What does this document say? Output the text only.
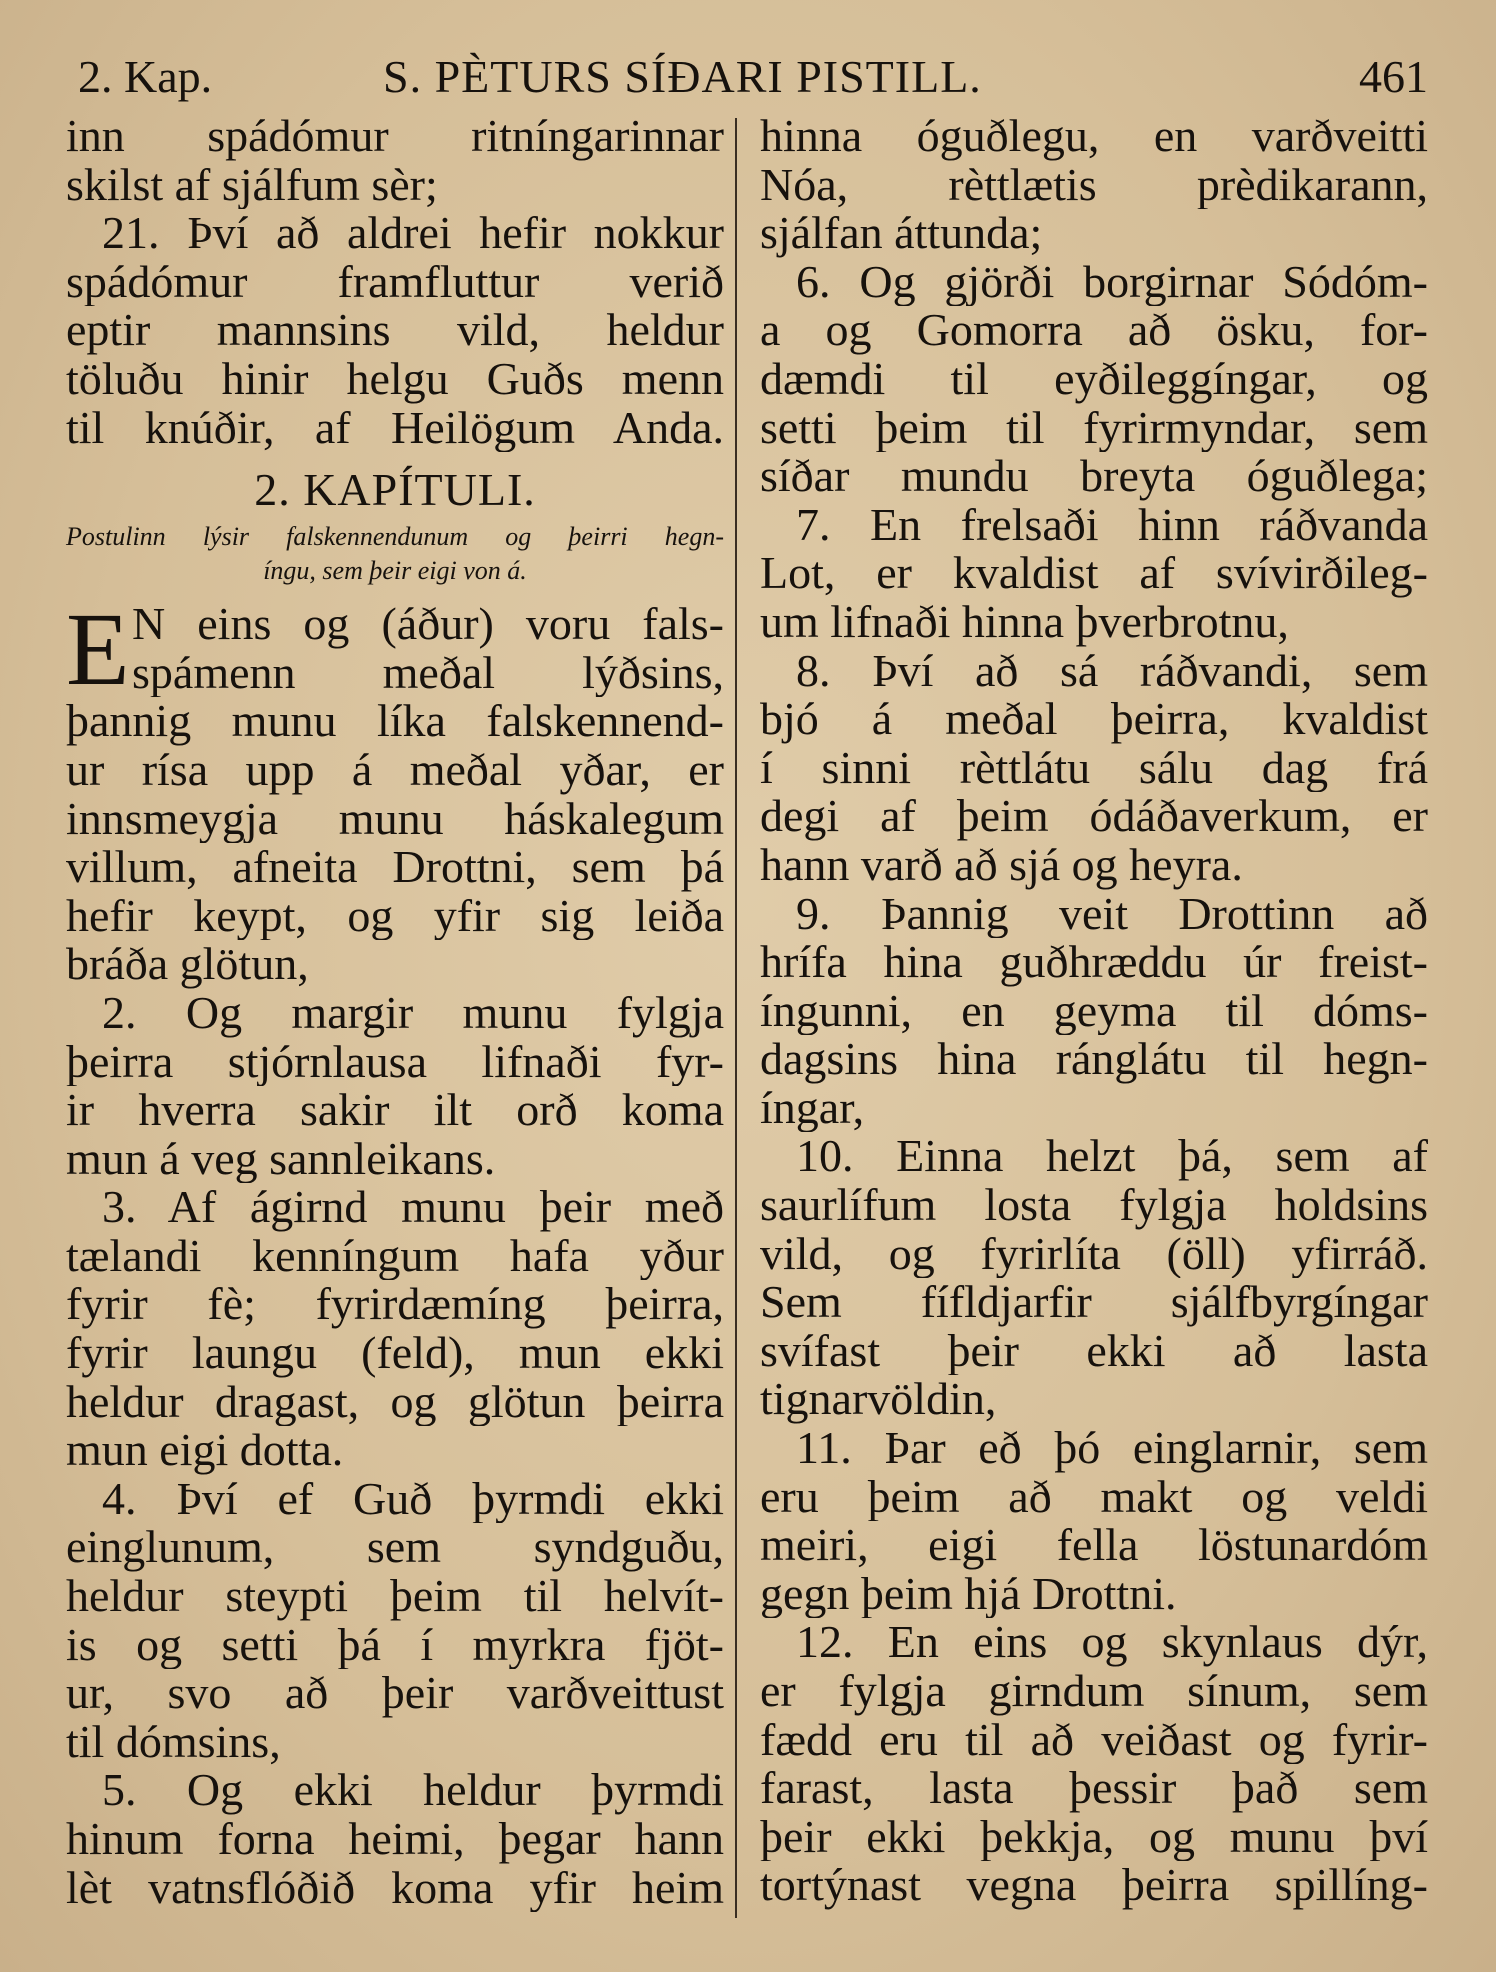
2. Kap.	S. PÈTURS SÍÐARI PISTILL.	461
inn spádómur ritníngarinnar
skilst af sjálfum sèr;
21. Því að aldrei hefir nokkur
spádómur framfluttur verið
eptir mannsins vild, heldur
töluðu hinir helgu Guðs menn
til knúðir, af Heilögum Anda.
2. KAPÍTULI.
Postulinn lýsir falskennendunum og þeirri hegn-
íngu, sem þeir eigi von á.
E N eins og (áður) voru fals-
spámenn meðal lýðsins,
þannig munu líka falskennend-
ur rísa upp á meðal yðar, er
innsmeygja munu háskalegum
villum, afneita Drottni, sem þá
hefir keypt, og yfir sig leiða
bráða glötun,
2. Og margir munu fylgja
þeirra stjórnlausa lifnaði fyr-
ir hverra sakir ilt orð koma
mun á veg sannleikans.
3. Af ágirnd munu þeir með
tælandi kenníngum hafa yður
fyrir fè; fyrirdæmíng þeirra,
fyrir laungu (feld), mun ekki
heldur dragast, og glötun þeirra
mun eigi dotta.
4. Því ef Guð þyrmdi ekki
einglunum, sem syndguðu,
heldur steypti þeim til helvít-
is og setti þá í myrkra fjöt-
ur, svo að þeir varðveittust
til dómsins,
5. Og ekki heldur þyrmdi
hinum forna heimi, þegar hann
lèt vatnsflóðið koma yfir heim
hinna óguðlegu, en varðveitti
Nóa, rèttlætis prèdikarann,
sjálfan áttunda;
6. Og gjörði borgirnar Sódóm-
a og Gomorra að ösku, for-
dæmdi til eyðileggíngar, og
setti þeim til fyrirmyndar, sem
síðar mundu breyta óguðlega;
7. En frelsaði hinn ráðvanda
Lot, er kvaldist af svívirðileg-
um lifnaði hinna þverbrotnu,
8. Því að sá ráðvandi, sem
bjó á meðal þeirra, kvaldist
í sinni rèttlátu sálu dag frá
degi af þeim ódáðaverkum, er
hann varð að sjá og heyra.
9. Þannig veit Drottinn að
hrífa hina guðhræddu úr freist-
íngunni, en geyma til dóms-
dagsins hina ránglátu til hegn-
íngar,
10. Einna helzt þá, sem af
saurlífum losta fylgja holdsins
vild, og fyrirlíta (öll) yfirráð.
Sem fífldjarfir sjálfbyrgíngar
svífast þeir ekki að lasta
tignarvöldin,
11. Þar eð þó einglarnir, sem
eru þeim að makt og veldi
meiri, eigi fella löstunardóm
gegn þeim hjá Drottni.
12. En eins og skynlaus dýr,
er fylgja girndum sínum, sem
fædd eru til að veiðast og fyrir-
farast, lasta þessir það sem
þeir ekki þekkja, og munu því
tortýnast vegna þeirra spillíng-
